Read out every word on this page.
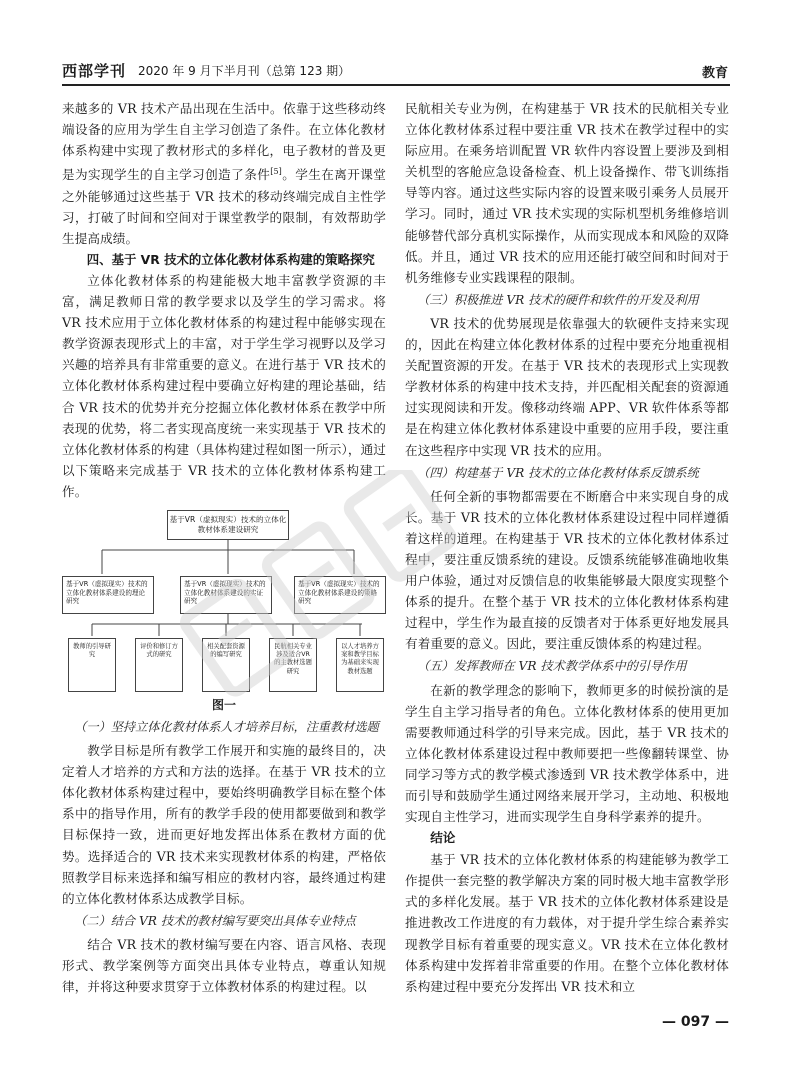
西部学刊 2020 年 9 月下半月刊（总第 123 期）	教育

来越多的 VR 技术产品出现在生活中。依靠于这些移动终端设备的应用为学生自主学习创造了条件。在立体化教材体系构建中实现了教材形式的多样化，电子教材的普及更是为实现学生的自主学习创造了条件[5]。学生在离开课堂之外能够通过这些基于 VR 技术的移动终端完成自主性学习，打破了时间和空间对于课堂教学的限制，有效帮助学生提高成绩。

四、基于 VR 技术的立体化教材体系构建的策略探究

立体化教材体系的构建能极大地丰富教学资源的丰富，满足教师日常的教学要求以及学生的学习需求。将 VR 技术应用于立体化教材体系的构建过程中能够实现在教学资源表现形式上的丰富，对于学生学习视野以及学习兴趣的培养具有非常重要的意义。在进行基于 VR 技术的立体化教材体系构建过程中要确立好构建的理论基础，结合 VR 技术的优势并充分挖掘立体化教材体系在教学中所表现的优势，将二者实现高度统一来实现基于 VR 技术的立体化教材体系的构建（具体构建过程如图一所示），通过以下策略来完成基于 VR 技术的立体化教材体系构建工作。

基于VR（虚拟现实）技术的立体化教材体系建设研究
基于VR（虚拟现实）技术的立体化教材体系建设的理论研究
基于VR（虚拟现实）技术的立体化教材体系建设的实证研究
基于VR（虚拟现实）技术的立体化教材体系建设的策略研究
教师的引导研究
评价和修订方式的研究
相关配套资源的编写研究
民航相关专业涉及适合VR的主教材选题研究
以人才培养方案和教学目标为基础来实现教材选题

图一

（一）坚持立体化教材体系人才培养目标，注重教材选题

教学目标是所有教学工作展开和实施的最终目的，决定着人才培养的方式和方法的选择。在基于 VR 技术的立体化教材体系构建过程中，要始终明确教学目标在整个体系中的指导作用，所有的教学手段的使用都要做到和教学目标保持一致，进而更好地发挥出体系在教材方面的优势。选择适合的 VR 技术来实现教材体系的构建，严格依照教学目标来选择和编写相应的教材内容，最终通过构建的立体化教材体系达成教学目标。

（二）结合 VR 技术的教材编写要突出具体专业特点

结合 VR 技术的教材编写要在内容、语言风格、表现形式、教学案例等方面突出具体专业特点，尊重认知规律，并将这种要求贯穿于立体教材体系的构建过程。以

民航相关专业为例，在构建基于 VR 技术的民航相关专业立体化教材体系过程中要注重 VR 技术在教学过程中的实际应用。在乘务培训配置 VR 软件内容设置上要涉及到相关机型的客舱应急设备检查、机上设备操作、带飞训练指导等内容。通过这些实际内容的设置来吸引乘务人员展开学习。同时，通过 VR 技术实现的实际机型机务维修培训能够替代部分真机实际操作，从而实现成本和风险的双降低。并且，通过 VR 技术的应用还能打破空间和时间对于机务维修专业实践课程的限制。

（三）积极推进 VR 技术的硬件和软件的开发及利用

VR 技术的优势展现是依靠强大的软硬件支持来实现的，因此在构建立体化教材体系的过程中要充分地重视相关配置资源的开发。在基于 VR 技术的表现形式上实现教学教材体系的构建中技术支持，并匹配相关配套的资源通过实现阅读和开发。像移动终端 APP、VR 软件体系等都是在构建立体化教材体系建设中重要的应用手段，要注重在这些程序中实现 VR 技术的应用。

（四）构建基于 VR 技术的立体化教材体系反馈系统

任何全新的事物都需要在不断磨合中来实现自身的成长。基于 VR 技术的立体化教材体系建设过程中同样遵循着这样的道理。在构建基于 VR 技术的立体化教材体系过程中，要注重反馈系统的建设。反馈系统能够准确地收集用户体验，通过对反馈信息的收集能够最大限度实现整个体系的提升。在整个基于 VR 技术的立体化教材体系构建过程中，学生作为最直接的反馈者对于体系更好地发展具有着重要的意义。因此，要注重反馈体系的构建过程。

（五）发挥教师在 VR 技术教学体系中的引导作用

在新的教学理念的影响下，教师更多的时候扮演的是学生自主学习指导者的角色。立体化教材体系的使用更加需要教师通过科学的引导来完成。因此，基于 VR 技术的立体化教材体系建设过程中教师要把一些像翻转课堂、协同学习等方式的教学模式渗透到 VR 技术教学体系中，进而引导和鼓励学生通过网络来展开学习，主动地、积极地实现自主性学习，进而实现学生自身科学素养的提升。

结论

基于 VR 技术的立体化教材体系的构建能够为教学工作提供一套完整的教学解决方案的同时极大地丰富教学形式的多样化发展。基于 VR 技术的立体化教材体系建设是推进教改工作进度的有力载体，对于提升学生综合素养实现教学目标有着重要的现实意义。VR 技术在立体化教材体系构建中发挥着非常重要的作用。在整个立体化教材体系构建过程中要充分发挥出 VR 技术和立

— 097 —
